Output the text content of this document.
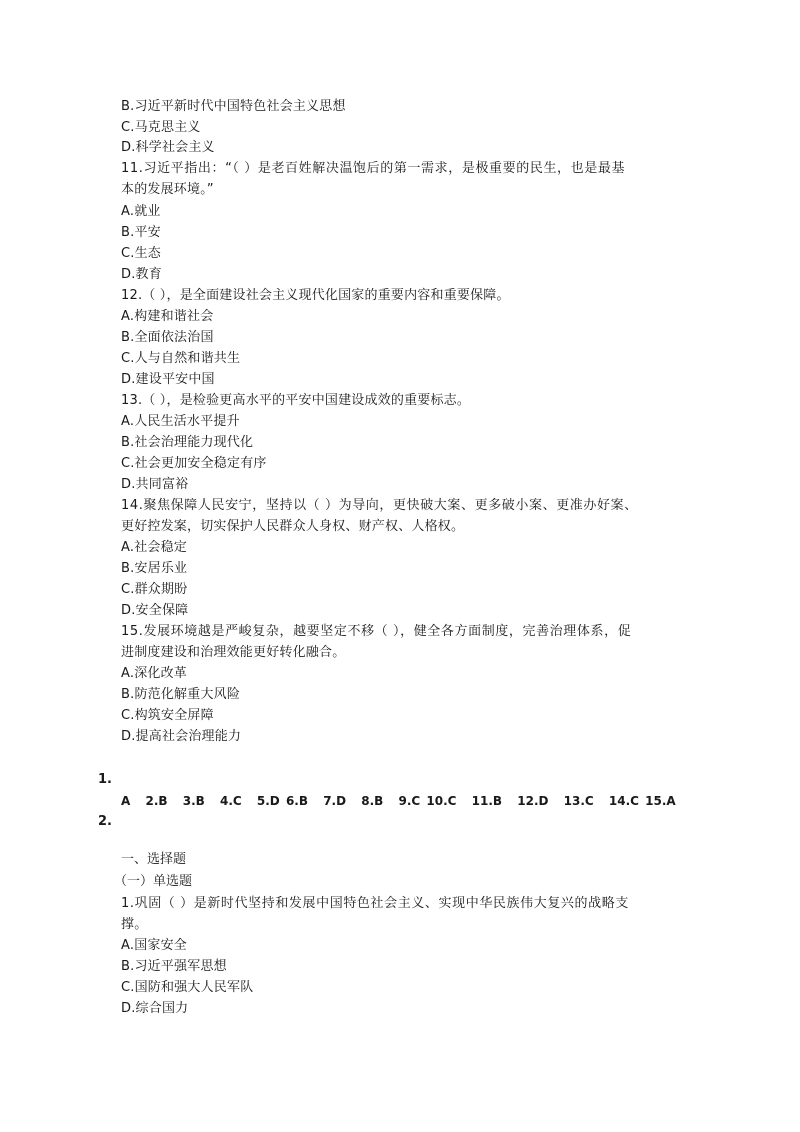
B.习近平新时代中国特色社会主义思想
C.马克思主义
D.科学社会主义
11.习近平指出：“（ ）是老百姓解决温饱后的第一需求，是极重要的民生，也是最基
本的发展环境。”
A.就业
B.平安
C.生态
D.教育
12.（ ），是全面建设社会主义现代化国家的重要内容和重要保障。
A.构建和谐社会
B.全面依法治国
C.人与自然和谐共生
D.建设平安中国
13.（ ），是检验更高水平的平安中国建设成效的重要标志。
A.人民生活水平提升
B.社会治理能力现代化
C.社会更加安全稳定有序
D.共同富裕
14.聚焦保障人民安宁，坚持以（ ）为导向，更快破大案、更多破小案、更准办好案、
更好控发案，切实保护人民群众人身权、财产权、人格权。
A.社会稳定
B.安居乐业
C.群众期盼
D.安全保障
15.发展环境越是严峻复杂，越要坚定不移（ ），健全各方面制度，完善治理体系，促
进制度建设和治理效能更好转化融合。
A.深化改革
B.防范化解重大风险
C.构筑安全屏障
D.提高社会治理能力
1.
A 2.B 3.B 4.C 5.D 6.B 7.D 8.B 9.C 10.C 11.B 12.D 13.C 14.C 15.A
2.
一、选择题
（一）单选题
1.巩固（ ）是新时代坚持和发展中国特色社会主义、实现中华民族伟大复兴的战略支
撑。
A.国家安全
B.习近平强军思想
C.国防和强大人民军队
D.综合国力
